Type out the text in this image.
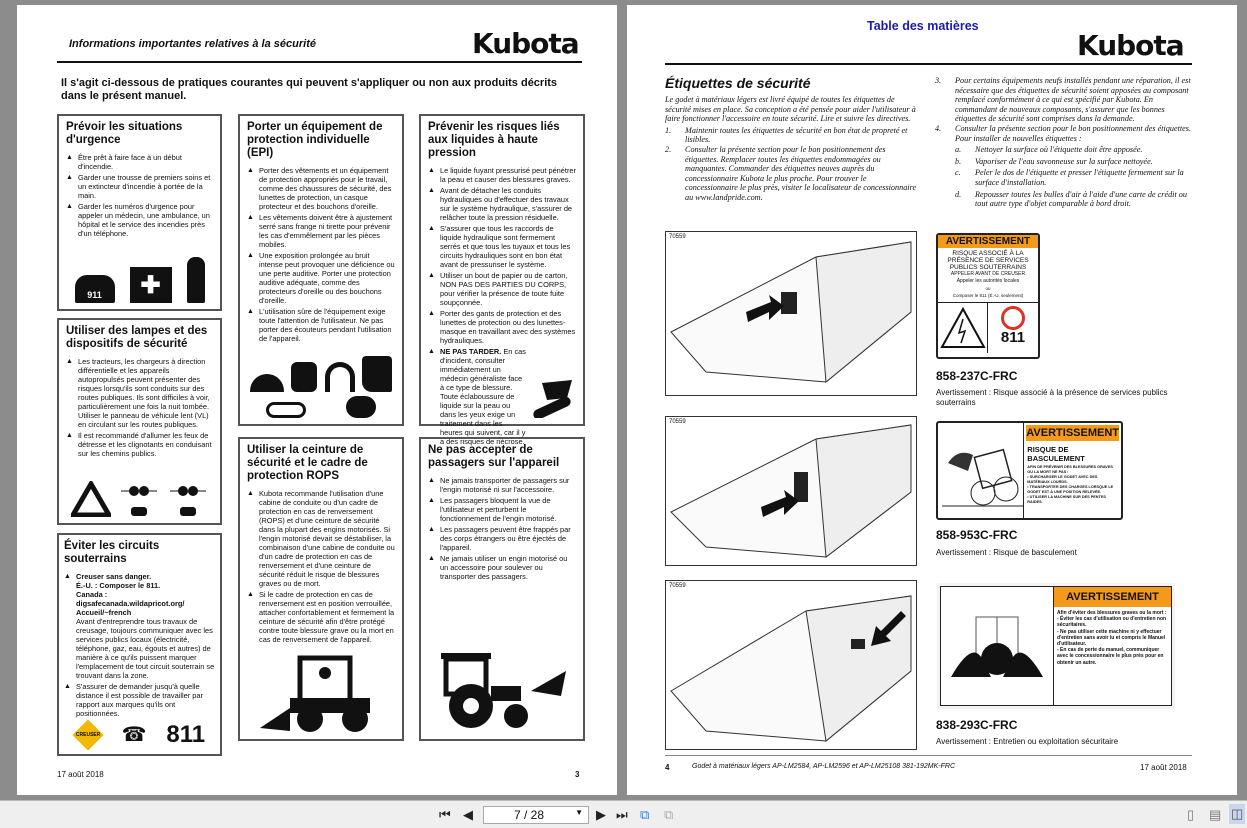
Informations importantes relatives à la sécurité	Kubota
Il s'agit ci-dessous de pratiques courantes qui peuvent s'appliquer ou non aux produits décrits dans le présent manuel.
Prévoir les situations d'urgence
▲ Être prêt à faire face à un début d'incendie.
▲ Garder une trousse de premiers soins et un extincteur d'incendie à portée de la main.
▲ Garder les numéros d'urgence pour appeler un médecin, une ambulance, un hôpital et le service des incendies près d'un téléphone.
911	✚
Utiliser des lampes et des dispositifs de sécurité
▲ Les tracteurs, les chargeurs à direction différentielle et les appareils autopropulsés peuvent présenter des risques lorsqu'ils sont conduits sur des routes publiques. Ils sont difficiles à voir, particulièrement une fois la nuit tombée. Utiliser le panneau de véhicule lent (VL) en circulant sur les routes publiques.
▲ Il est recommandé d'allumer les feux de détresse et les clignotants en conduisant sur les chemins publics.
Éviter les circuits souterrains
▲ Creuser sans danger.
É.-U. : Composer le 811.
Canada :
digsafecanada.wildapricot.org/ Accueil/~french
Avant d'entreprendre tous travaux de creusage, toujours communiquer avec les services publics locaux (électricité, téléphone, gaz, eau, égouts et autres) de manière à ce qu'ils puissent marquer l'emplacement de tout circuit souterrain se trouvant dans la zone.
▲ S'assurer de demander jusqu'à quelle distance il est possible de travailler par rapport aux marques qu'ils ont positionnées.
CREUSER ☎ 811
Porter un équipement de protection individuelle (EPI)
▲ Porter des vêtements et un équipement de protection appropriés pour le travail, comme des chaussures de sécurité, des lunettes de protection, un casque protecteur et des bouchons d'oreille.
▲ Les vêtements doivent être à ajustement serré sans frange ni tirette pour prévenir les cas d'emmêlement par les pièces mobiles.
▲ Une exposition prolongée au bruit intense peut provoquer une déficience ou une perte auditive. Porter une protection auditive adéquate, comme des protecteurs d'oreille ou des bouchons d'oreille.
▲ L'utilisation sûre de l'équipement exige toute l'attention de l'utilisateur. Ne pas porter des écouteurs pendant l'utilisation de l'appareil.
Utiliser la ceinture de sécurité et le cadre de protection ROPS
▲ Kubota recommande l'utilisation d'une cabine de conduite ou d'un cadre de protection en cas de renversement (ROPS) et d'une ceinture de sécurité dans la plupart des engins motorisés. Si l'engin motorisé devait se déstabiliser, la combinaison d'une cabine de conduite ou d'un cadre de protection en cas de renversement et d'une ceinture de sécurité réduit le risque de blessures graves ou de mort.
▲ Si le cadre de protection en cas de renversement est en position verrouillée, attacher confortablement et fermement la ceinture de sécurité afin d'être protégé contre toute blessure grave ou la mort en cas de renversement de l'appareil.
Prévenir les risques liés aux liquides à haute pression
▲ Le liquide fuyant pressurisé peut pénétrer la peau et causer des blessures graves.
▲ Avant de détacher les conduits hydrauliques ou d'effectuer des travaux sur le système hydraulique, s'assurer de relâcher toute la pression résiduelle.
▲ S'assurer que tous les raccords de liquide hydraulique sont fermement serrés et que tous les tuyaux et tous les circuits hydrauliques sont en bon état avant de pressuriser le système.
▲ Utiliser un bout de papier ou de carton, NON PAS DES PARTIES DU CORPS, pour vérifier la présence de toute fuite soupçonnée.
▲ Porter des gants de protection et des lunettes de protection ou des lunettes-masque en travaillant avec des systèmes hydrauliques.
▲ NE PAS TARDER. En cas d'incident, consulter immédiatement un médecin généraliste face à ce type de blessure. Toute éclaboussure de liquide sur la peau ou dans les yeux exige un traitement dans les heures qui suivent, car il y a des risques de nécrose.
Ne pas accepter de passagers sur l'appareil
▲ Ne jamais transporter de passagers sur l'engin motorisé ni sur l'accessoire.
▲ Les passagers bloquent la vue de l'utilisateur et perturbent le fonctionnement de l'engin motorisé.
▲ Les passagers peuvent être frappés par des corps étrangers ou être éjectés de l'appareil.
▲ Ne jamais utiliser un engin motorisé ou un accessoire pour soulever ou transporter des passagers.
17 août 2018	3
Table des matières
Kubota
Étiquettes de sécurité

Le godet à matériaux légers est livré équipé de toutes les étiquettes de sécurité mises en place. Sa conception a été pensée pour aider l'utilisateur à faire fonctionner l'accessoire en toute sécurité. Lire et suivre les directives.

1.	Maintenir toutes les étiquettes de sécurité en bon état de propreté et lisibles.
2.	Consulter la présente section pour le bon positionnement des étiquettes. Remplacer toutes les étiquettes endommagées ou manquantes. Commander des étiquettes neuves auprès du concessionnaire Kubota le plus proche. Pour trouver le concessionnaire le plus près, visiter le localisateur de concessionnaire au www.landpride.com.
3.	Pour certains équipements neufs installés pendant une réparation, il est nécessaire que des étiquettes de sécurité soient apposées au composant remplacé conformément à ce qui est spécifié par Kubota. En commandant de nouveaux composants, s'assurer que les bonnes étiquettes de sécurité sont comprises dans la demande.
4.	Consulter la présente section pour le bon positionnement des étiquettes. Pour installer de nouvelles étiquettes :
a.	Nettoyer la surface où l'étiquette doit être apposée.
b.	Vaporiser de l'eau savonneuse sur la surface nettoyée.
c.	Peler le dos de l'étiquette et presser l'étiquette fermement sur la surface d'installation.
d.	Repousser toutes les bulles d'air à l'aide d'une carte de crédit ou tout autre type d'objet comparable à bord droit.
70559
70559
70559
AVERTISSEMENT
RISQUE ASSOCIÉ À LA
PRÉSENCE DE SERVICES
PUBLICS SOUTERRAINS
APPELER AVANT DE CREUSER
Appeler les autorités locales
ou
Composer le 811 (É.-U. seulement)
811
858-237C-FRC
Avertissement : Risque associé à la présence de services publics souterrains
AVERTISSEMENT
RISQUE DE BASCULEMENT
AFIN DE PRÉVENIR DES BLESSURES GRAVES OU LA MORT NE PAS :
• SURCHARGER LE GODET AVEC DES MATÉRIAUX LOURDS.
• TRANSPORTER DES CHARGES LORSQUE LE GODET EST À UNE POSITION RELEVÉE.
• UTILISER LA MACHINE SUR DES PENTES RAIDES.
858-953C-FRC
Avertissement : Risque de basculement
AVERTISSEMENT
Afin d'éviter des blessures graves ou la mort :
- Éviter les cas d'utilisation ou d'entretien non sécuritaires.
- Ne pas utiliser cette machine ni y effectuer d'entretien sans avoir lu et compris le Manuel d'utilisateur.
- En cas de perte du manuel, communiquer avec le concessionnaire le plus près pour en obtenir un autre.
838-293C-FRC
Avertissement : Entretien ou exploitation sécuritaire
4	Godet à matériaux légers AP-LM2584, AP-LM2596 et AP-LM25108 381-192MK-FRC	17 août 2018
⏮ ◀	7 / 28	▼ ▶ ⏭ ⧉ ⧉	▯ ▤ ◫
